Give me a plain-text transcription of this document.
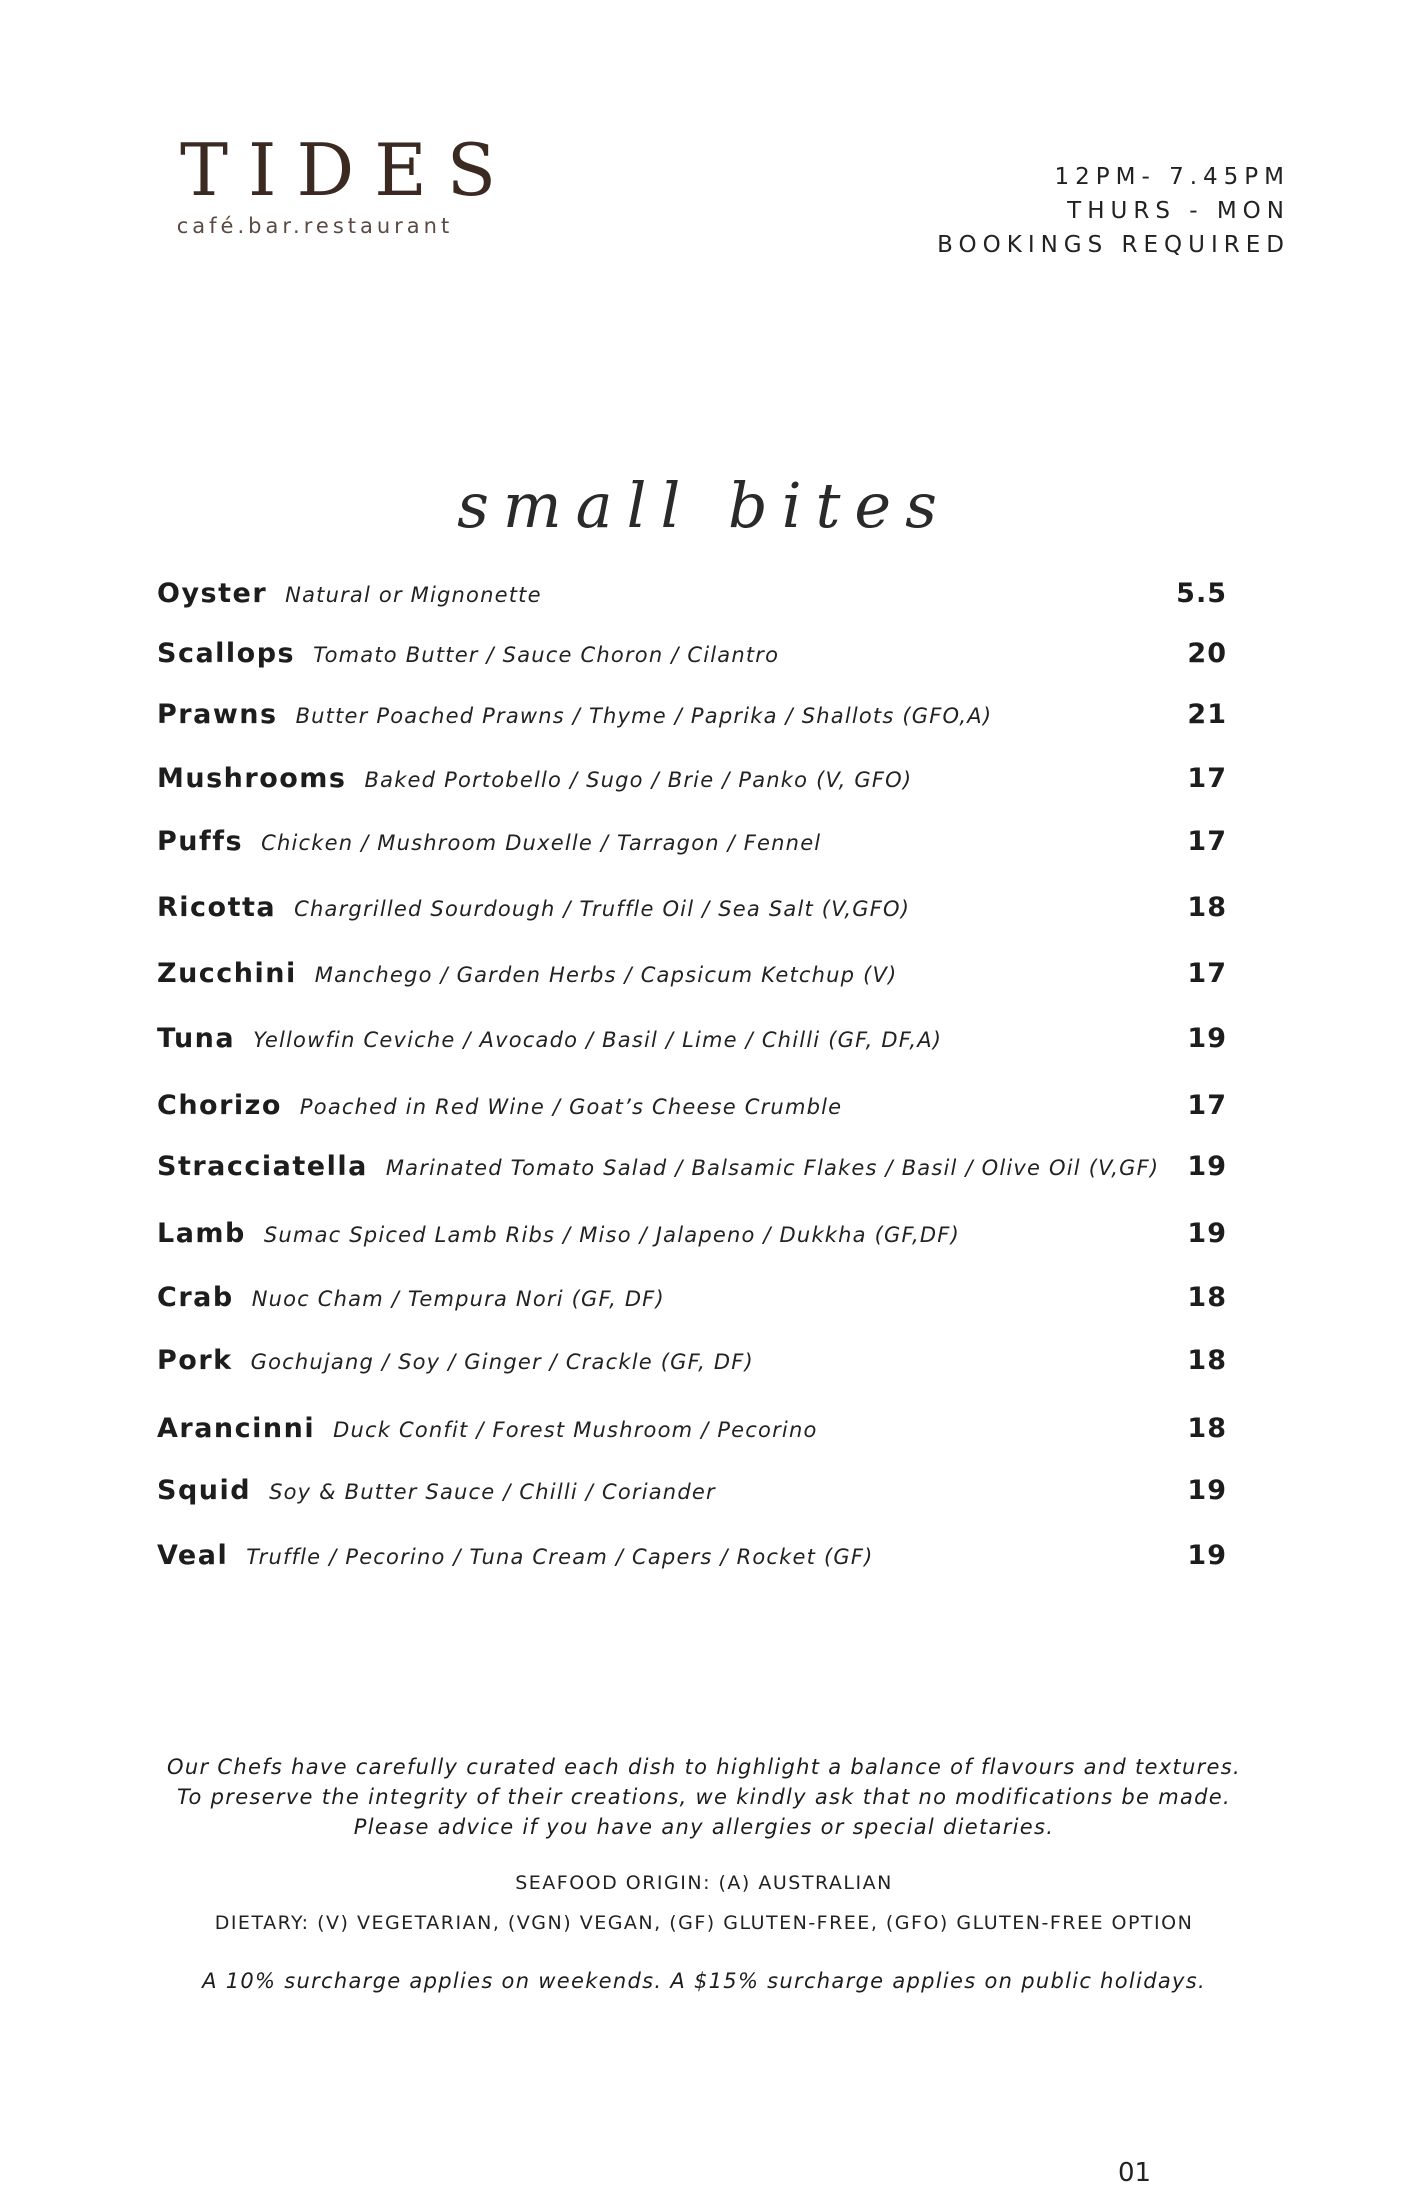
TIDES
café.bar.restaurant
12PM- 7.45PM
THURS - MON
BOOKINGS REQUIRED
small bites
Oyster Natural or Mignonette	5.5
Scallops Tomato Butter / Sauce Choron / Cilantro	20
Prawns Butter Poached Prawns / Thyme / Paprika / Shallots (GFO,A)	21
Mushrooms Baked Portobello / Sugo / Brie / Panko (V, GFO)	17
Puffs Chicken / Mushroom Duxelle / Tarragon / Fennel	17
Ricotta Chargrilled Sourdough / Truffle Oil / Sea Salt (V,GFO)	18
Zucchini Manchego / Garden Herbs / Capsicum Ketchup (V)	17
Tuna Yellowfin Ceviche / Avocado / Basil / Lime / Chilli (GF, DF,A)	19
Chorizo Poached in Red Wine / Goat’s Cheese Crumble	17
Stracciatella Marinated Tomato Salad / Balsamic Flakes / Basil / Olive Oil (V,GF) 19
Lamb Sumac Spiced Lamb Ribs / Miso / Jalapeno / Dukkha (GF,DF)	19
Crab Nuoc Cham / Tempura Nori (GF, DF)	18
Pork Gochujang / Soy / Ginger / Crackle (GF, DF)	18
Arancinni Duck Confit / Forest Mushroom / Pecorino	18
Squid Soy & Butter Sauce / Chilli / Coriander	19
Veal Truffle / Pecorino / Tuna Cream / Capers / Rocket (GF)	19
Our Chefs have carefully curated each dish to highlight a balance of flavours and textures.
To preserve the integrity of their creations, we kindly ask that no modifications be made.
Please advice if you have any allergies or special dietaries.
SEAFOOD ORIGIN: (A) AUSTRALIAN
DIETARY: (V) VEGETARIAN, (VGN) VEGAN, (GF) GLUTEN-FREE, (GFO) GLUTEN-FREE OPTION
A 10% surcharge applies on weekends. A $15% surcharge applies on public holidays.
01
